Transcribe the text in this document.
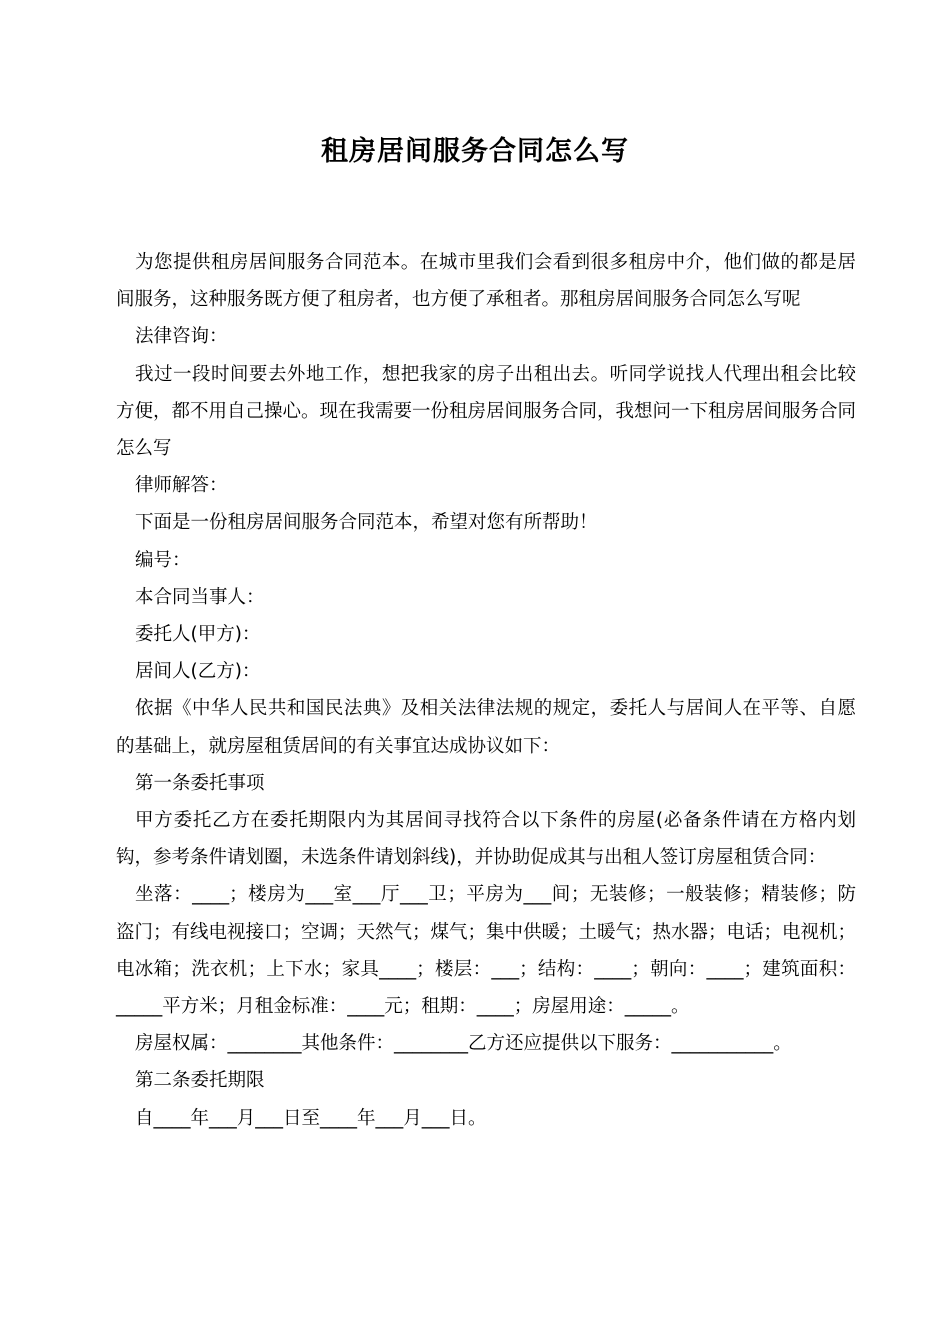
租房居间服务合同怎么写

为您提供租房居间服务合同范本。在城市里我们会看到很多租房中介，他们做的都是居间服务，这种服务既方便了租房者，也方便了承租者。那租房居间服务合同怎么写呢

法律咨询：

我过一段时间要去外地工作，想把我家的房子出租出去。听同学说找人代理出租会比较方便，都不用自己操心。现在我需要一份租房居间服务合同，我想问一下租房居间服务合同怎么写

律师解答：

下面是一份租房居间服务合同范本，希望对您有所帮助！

编号：

本合同当事人：

委托人(甲方)：

居间人(乙方)：

依据《中华人民共和国民法典》及相关法律法规的规定，委托人与居间人在平等、自愿的基础上，就房屋租赁居间的有关事宜达成协议如下：

第一条委托事项

甲方委托乙方在委托期限内为其居间寻找符合以下条件的房屋(必备条件请在方格内划钩，参考条件请划圈，未选条件请划斜线)，并协助促成其与出租人签订房屋租赁合同：

坐落：____；楼房为___室___厅___卫；平房为___间；无装修；一般装修；精装修；防盗门；有线电视接口；空调；天然气；煤气；集中供暖；土暖气；热水器；电话；电视机；电冰箱；洗衣机；上下水；家具____；楼层：___；结构：____；朝向：____；建筑面积：_____平方米；月租金标准：____元；租期：____；房屋用途：_____。

房屋权属：________其他条件：________乙方还应提供以下服务：___________。

第二条委托期限

自____年___月___日至____年___月___日。
